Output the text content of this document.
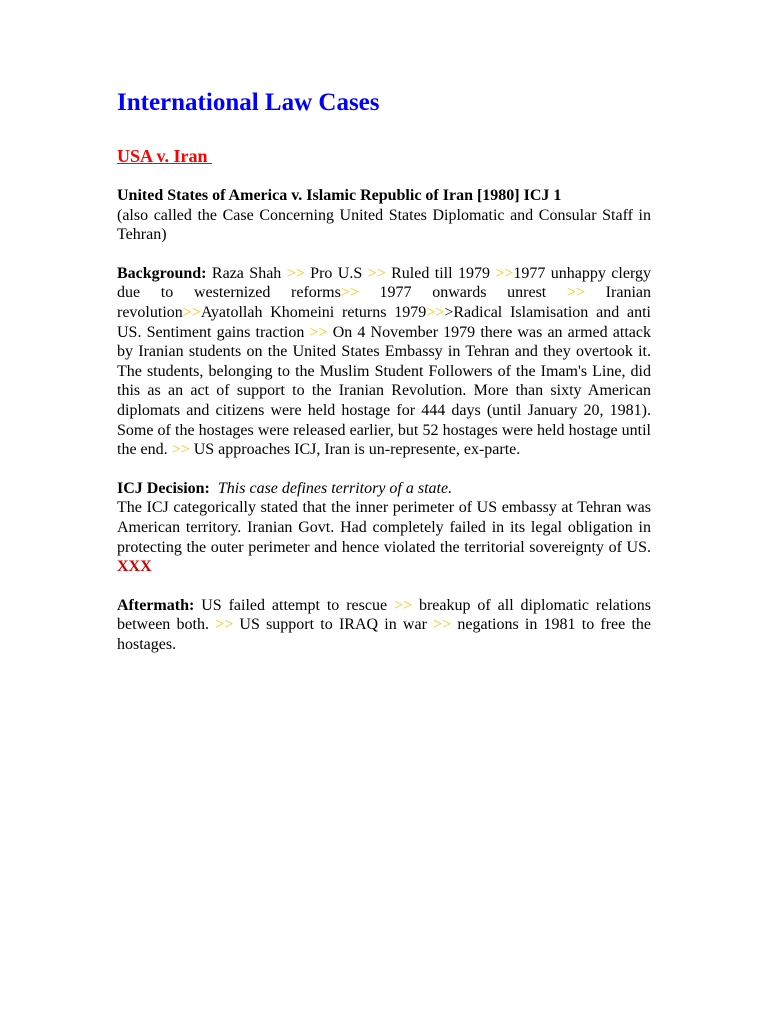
International Law Cases
USA v. Iran

United States of America v. Islamic Republic of Iran [1980] ICJ 1
(also called the Case Concerning United States Diplomatic and Consular Staff in Tehran)

Background: Raza Shah >> Pro U.S >> Ruled till 1979 >>1977 unhappy clergy due to westernized reforms>> 1977 onwards unrest >> Iranian revolution>>Ayatollah Khomeini returns 1979>>>Radical Islamisation and anti US. Sentiment gains traction >> On 4 November 1979 there was an armed attack by Iranian students on the United States Embassy in Tehran and they overtook it. The students, belonging to the Muslim Student Followers of the Imam's Line, did this as an act of support to the Iranian Revolution. More than sixty American diplomats and citizens were held hostage for 444 days (until January 20, 1981). Some of the hostages were released earlier, but 52 hostages were held hostage until the end. >> US approaches ICJ, Iran is un-represente, ex-parte.

ICJ Decision: This case defines territory of a state.
The ICJ categorically stated that the inner perimeter of US embassy at Tehran was American territory. Iranian Govt. Had completely failed in its legal obligation in protecting the outer perimeter and hence violated the territorial sovereignty of US. XXX

Aftermath: US failed attempt to rescue >> breakup of all diplomatic relations between both. >> US support to IRAQ in war >> negations in 1981 to free the hostages.
